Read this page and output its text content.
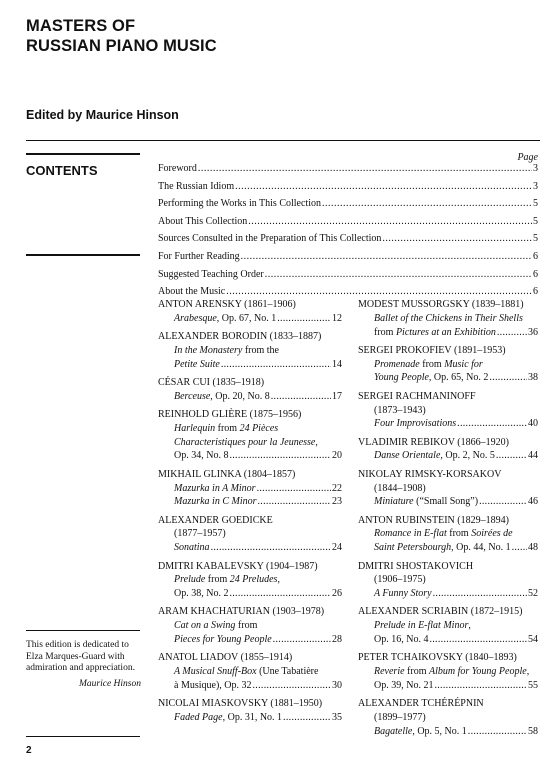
MASTERS OF
RUSSIAN PIANO MUSIC
Edited by Maurice Hinson
CONTENTS
Page
Foreword .....	3
The Russian Idiom .....	3
Performing the Works in This Collection .....	5
About This Collection .....	5
Sources Consulted in the Preparation of This Collection .....	5
For Further Reading .....	6
Suggested Teaching Order .....	6
About the Music .....	6
ANTON ARENSKY (1861–1906)
Arabesque, Op. 67, No. 1 .....	12
ALEXANDER BORODIN (1833–1887)
In the Monastery from the
Petite Suite .....	14
CÉSAR CUI (1835–1918)
Berceuse, Op. 20, No. 8 .....	17
REINHOLD GLIÈRE (1875–1956)
Harlequin from 24 Pièces
Characteristiques pour la Jeunesse,
Op. 34, No. 8 .....	20
MIKHAIL GLINKA (1804–1857)
Mazurka in A Minor .....	22
Mazurka in C Minor .....	23
ALEXANDER GOEDICKE
(1877–1957)
Sonatina .....	24
DMITRI KABALEVSKY (1904–1987)
Prelude from 24 Preludes,
Op. 38, No. 2 .....	26
ARAM KHACHATURIAN (1903–1978)
Cat on a Swing from
Pieces for Young People .....	28
ANATOL LIADOV (1855–1914)
A Musical Snuff-Box (Une Tabatière
à Musique), Op. 32 .....	30
NICOLAI MIASKOVSKY (1881–1950)
Faded Page, Op. 31, No. 1 .....	35
MODEST MUSSORGSKY (1839–1881)
Ballet of the Chickens in Their Shells
from Pictures at an Exhibition .....	36
SERGEI PROKOFIEV (1891–1953)
Promenade from Music for
Young People, Op. 65, No. 2 .....	38
SERGEI RACHMANINOFF
(1873–1943)
Four Improvisations .....	40
VLADIMIR REBIKOV (1866–1920)
Danse Orientale, Op. 2, No. 5 .....	44
NIKOLAY RIMSKY-KORSAKOV
(1844–1908)
Miniature (“Small Song”) .....	46
ANTON RUBINSTEIN (1829–1894)
Romance in E-flat from Soirées de
Saint Petersbourgh, Op. 44, No. 1 ..... 48
DMITRI SHOSTAKOVICH
(1906–1975)
A Funny Story .....	52
ALEXANDER SCRIABIN (1872–1915)
Prelude in E-flat Minor,
Op. 16, No. 4 .....	54
PETER TCHAIKOVSKY (1840–1893)
Reverie from Album for Young People,
Op. 39, No. 21 .....	55
ALEXANDER TCHÉRÉPNIN
(1899–1977)
Bagatelle, Op. 5, No. 1 .....	58
This edition is dedicated to Elza Marques-Guard with admiration and appreciation.
Maurice Hinson
2
